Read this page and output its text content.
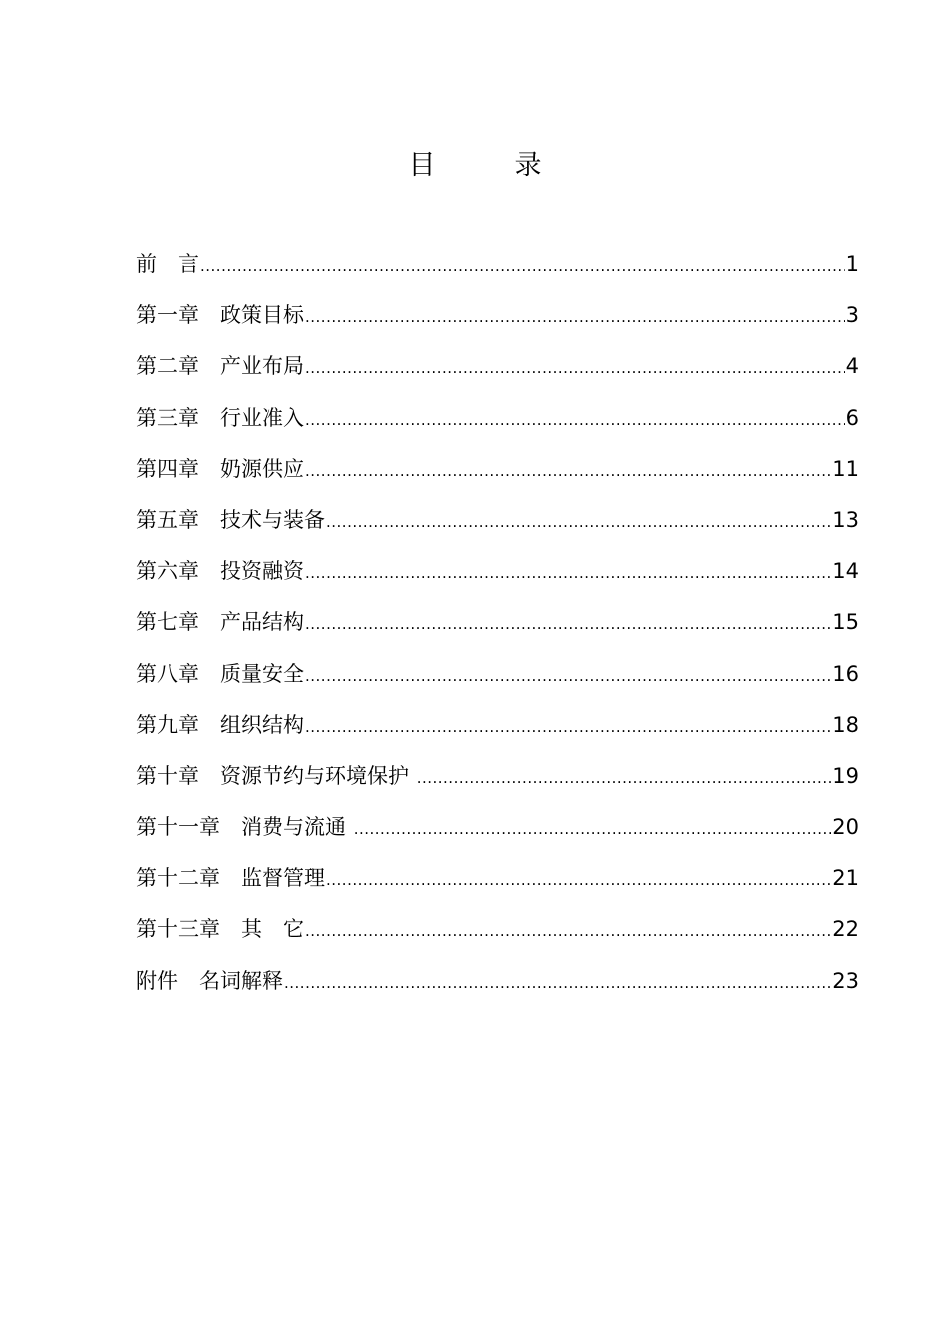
目　录
前　言 .....	1
第一章　政策目标 .....	3
第二章　产业布局 .....	4
第三章　行业准入 .....	6
第四章　奶源供应 .....	11
第五章　技术与装备 .....	13
第六章　投资融资 .....	14
第七章　产品结构 .....	15
第八章　质量安全 .....	16
第九章　组织结构 .....	18
第十章　资源节约与环境保护 .....	19
第十一章　消费与流通 .....	20
第十二章　监督管理 .....	21
第十三章　其　它 .....	22
附件　名词解释 .....	23
